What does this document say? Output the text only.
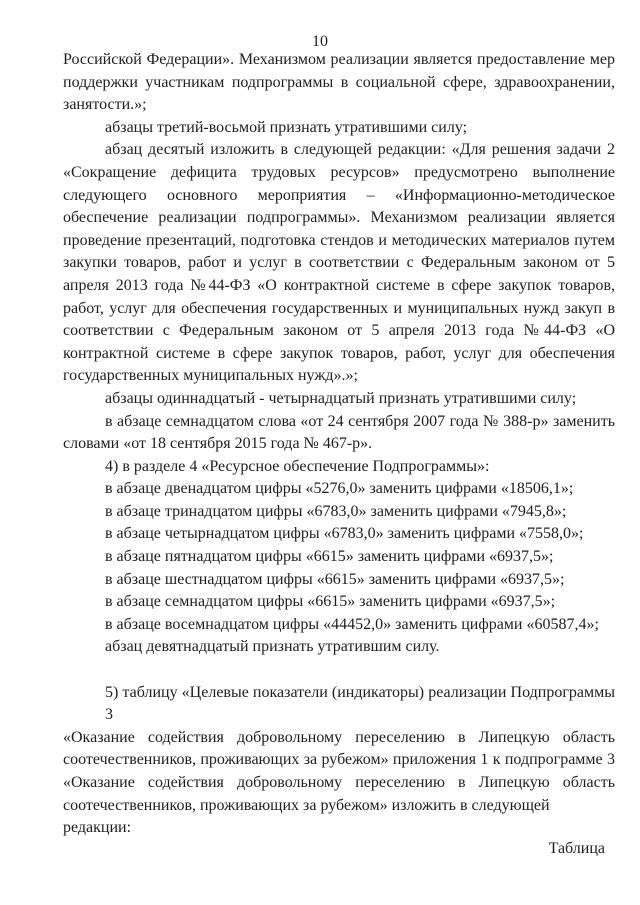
10
Российской Федерации». Механизмом реализации является предоставление мер
поддержки участникам подпрограммы в социальной сфере, здравоохранении,
занятости.»;
абзацы третий-восьмой признать утратившими силу;
абзац десятый изложить в следующей редакции: «Для решения задачи 2
«Сокращение дефицита трудовых ресурсов» предусмотрено выполнение
следующего основного мероприятия – «Информационно-методическое
обеспечение реализации подпрограммы». Механизмом реализации является
проведение презентаций, подготовка стендов и методических материалов путем
закупки товаров, работ и услуг в соответствии с Федеральным законом от 5
апреля 2013 года №44-ФЗ «О контрактной системе в сфере закупок товаров,
работ, услуг для обеспечения государственных и муниципальных нужд закуп в
соответствии с Федеральным законом от 5 апреля 2013 года №44-ФЗ «О
контрактной системе в сфере закупок товаров, работ, услуг для обеспечения
государственных муниципальных нужд».»;
абзацы одиннадцатый - четырнадцатый признать утратившими силу;
в абзаце семнадцатом слова «от 24 сентября 2007 года № 388-р» заменить
словами «от 18 сентября 2015 года № 467-р».
4) в разделе 4 «Ресурсное обеспечение Подпрограммы»:
в абзаце двенадцатом цифры «5276,0» заменить цифрами «18506,1»;
в абзаце тринадцатом цифры «6783,0» заменить цифрами «7945,8»;
в абзаце четырнадцатом цифры «6783,0» заменить цифрами «7558,0»;
в абзаце пятнадцатом цифры «6615» заменить цифрами «6937,5»;
в абзаце шестнадцатом цифры «6615» заменить цифрами «6937,5»;
в абзаце семнадцатом цифры «6615» заменить цифрами «6937,5»;
в абзаце восемнадцатом цифры «44452,0» заменить цифрами «60587,4»;
абзац девятнадцатый признать утратившим силу.
5) таблицу «Целевые показатели (индикаторы) реализации Подпрограммы 3
«Оказание содействия добровольному переселению в Липецкую область
соотечественников, проживающих за рубежом» приложения 1 к подпрограмме 3
«Оказание содействия добровольному переселению в Липецкую область
соотечественников, проживающих за рубежом» изложить в следующей редакции:
Таблица
